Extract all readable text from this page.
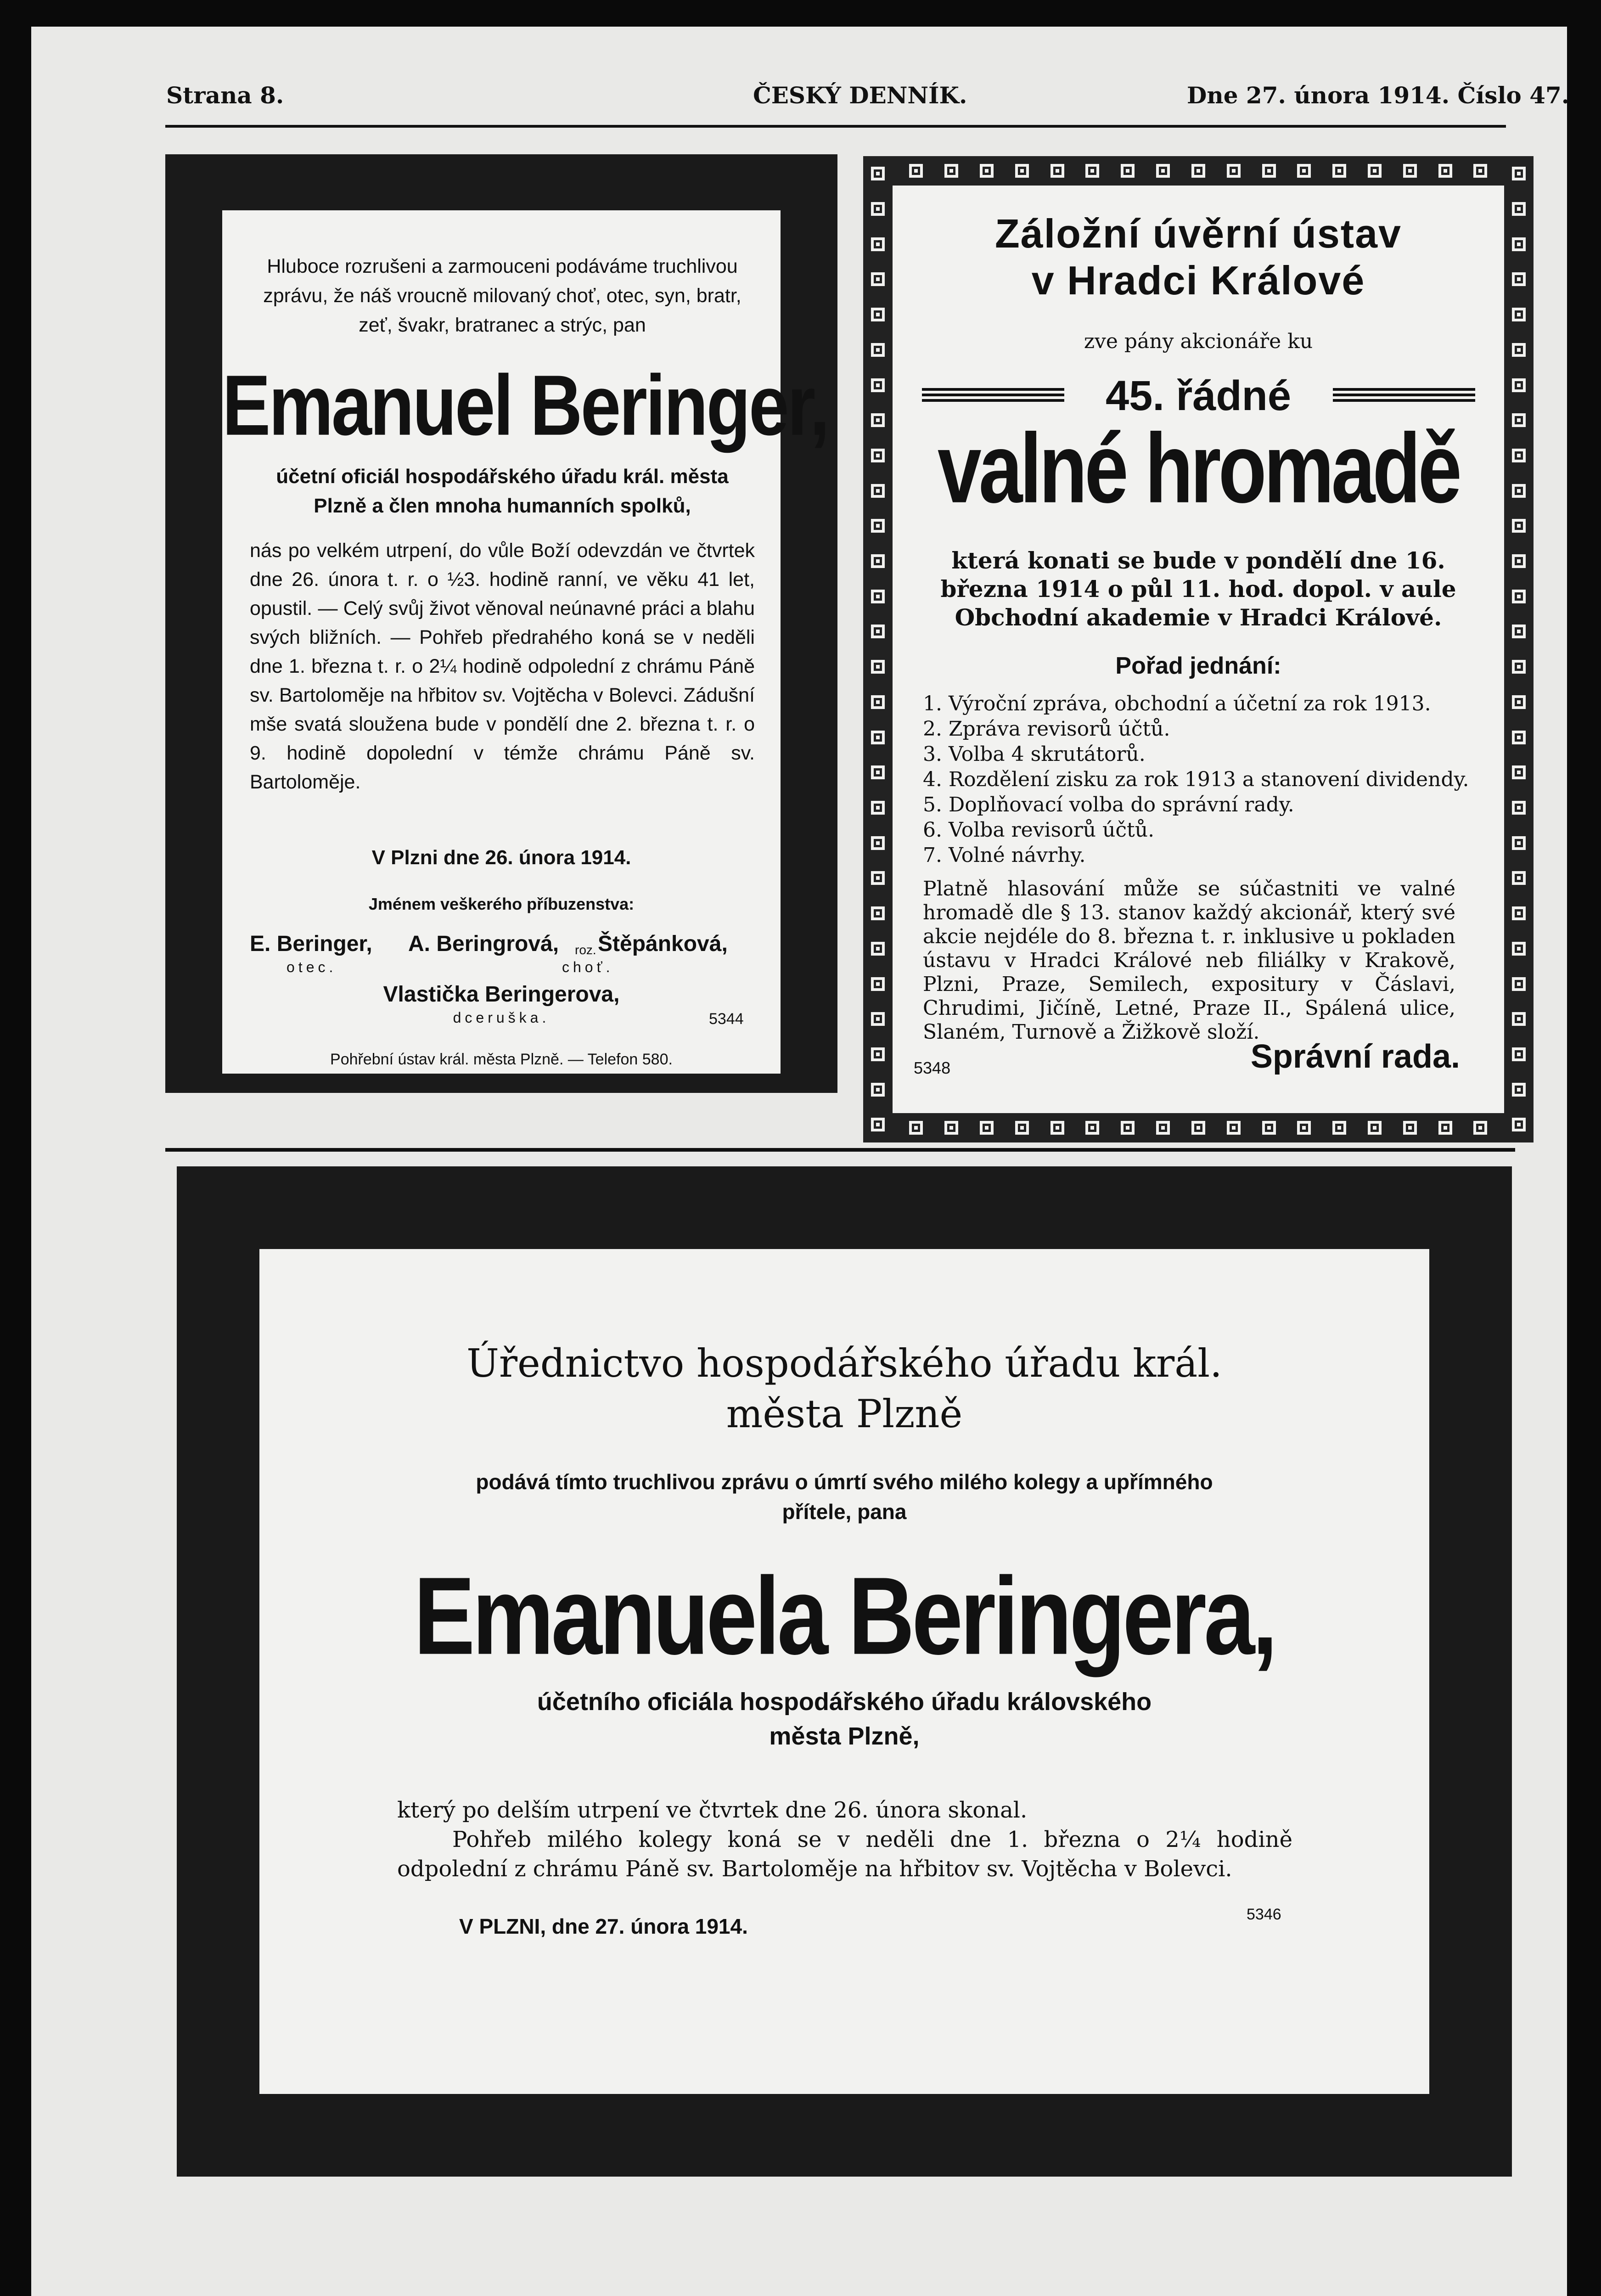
Strana 8.	ČESKÝ DENNÍK.	Dne 27. února 1914. Číslo 47.
Hluboce rozrušeni a zarmouceni podáváme truchlivou zprávu, že náš vroucně milovaný choť, otec, syn, bratr, zeť, švakr, bratranec a strýc, pan
Emanuel Beringer,
účetní oficiál hospodářského úřadu král. města Plzně a člen mnoha humanních spolků,
nás po velkém utrpení, do vůle Boží odevzdán ve čtvrtek dne 26. února t. r. o ½3. hodině ranní, ve věku 41 let, opustil. — Celý svůj život věnoval neúnavné práci a blahu svých bližních. — Pohřeb předrahého koná se v neděli dne 1. března t. r. o 2¼ hodině odpolední z chrámu Páně sv. Bartoloměje na hřbitov sv. Vojtěcha v Bolevci. Zádušní mše svatá sloužena bude v pondělí dne 2. března t. r. o 9. hodině dopolední v témže chrámu Páně sv. Bartoloměje.
V Plzni dne 26. února 1914.
Jménem veškerého příbuzenstva:
E. Beringer,
otec.
A. Beringrová, roz. Štěpánková,
choť.
Vlastička Beringerova,
dceruška.	5344
Pohřební ústav král. města Plzně. — Telefon 580.
Záložní úvěrní ústav
v Hradci Králové
zve pány akcionáře ku
45. řádné
valné hromadě
která konati se bude v pondělí dne 16. března 1914 o půl 11. hod. dopol. v aule Obchodní akademie v Hradci Králové.
Pořad jednání:
1. Výroční zpráva, obchodní a účetní za rok 1913.
2. Zpráva revisorů účtů.
3. Volba 4 skrutátorů.
4. Rozdělení zisku za rok 1913 a stanovení dividendy.
5. Doplňovací volba do správní rady.
6. Volba revisorů účtů.
7. Volné návrhy.
Platně hlasování může se súčastniti ve valné hromadě dle § 13. stanov každý akcionář, který své akcie nejdéle do 8. března t. r. inklusive u pokladen ústavu v Hradci Králové neb filiálky v Krakově, Plzni, Praze, Semilech, expositury v Čáslavi, Chrudimi, Jičíně, Letné, Praze II., Spálená ulice, Slaném, Turnově a Žižkově složí.
5348	Správní rada.
Úřednictvo hospodářského úřadu král.
města Plzně
podává tímto truchlivou zprávu o úmrtí svého milého kolegy a upřímného
přítele, pana
Emanuela Beringera,
účetního oficiála hospodářského úřadu královského
města Plzně,
který po delším utrpení ve čtvrtek dne 26. února skonal.
Pohřeb milého kolegy koná se v neděli dne 1. března o 2¼ hodině odpolední z chrámu Páně sv. Bartoloměje na hřbitov sv. Vojtěcha v Bolevci.
V PLZNI, dne 27. února 1914.	5346
